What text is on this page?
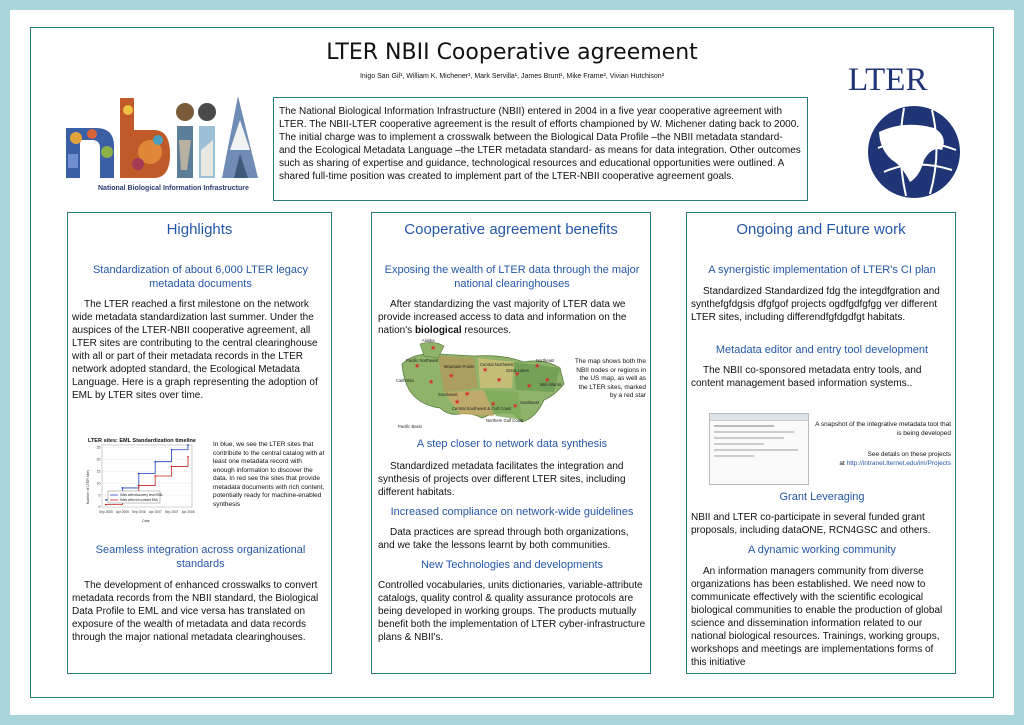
LTER NBII Cooperative agreement
Inigo San Gil¹, William K. Michener¹, Mark Servilla¹, James Brunt¹, Mike Frame², Vivian Hutchison²
National Biological Information Infrastructure
LTER
The National Biological Information Infrastructure (NBII) entered in 2004 in a five year cooperative agreement with LTER. The NBII-LTER cooperative agreement is the result of efforts championed by W. Michener dating back to 2000. The initial charge was to implement a crosswalk between the Biological Data Profile –the NBII metadata standard- and the Ecological Metadata Language –the LTER metadata standard- as means for data integration. Other outcomes such as sharing of expertise and guidance, technological resources and educational opportunities were outlined. A shared full-time position was created to implement part of the LTER-NBII cooperative agreement goals.
Highlights
Standardization of about 6,000 LTER legacy metadata documents
The LTER reached a first milestone on the network wide metadata standardization last summer. Under the auspices of the LTER-NBII cooperative agreement, all LTER sites are contributing to the central clearinghouse with all or part of their metadata records in the LTER network adopted standard, the Ecological Metadata Language. Here is a graph representing the adoption of EML by LTER sites over time.
LTER sites: EML Standardization timeline
0
5
10
15
20
25
Sep 2005 Apr 2006 Sep 2006 Apr 2007 Sep 2007 Apr 2008
Date
Number of LTER sites	Sites with discovery level EML
Sites with rich content EML
In blue, we see the LTER sites that contribute to the central catalog with at least one metadata record with enough information to discover the data. In red see the sites that provide metadata documents with rich content, potentially ready for machine-enabled synthesis
Seamless integration across organizational standards
The development of enhanced crosswalks to convert metadata records from the NBII standard, the Biological Data Profile to EML and vice versa has translated on exposure of the wealth of metadata and data records through the major national metadata clearinghouses.
Cooperative agreement benefits
Exposing the wealth of LTER data through the major national clearinghouses
After standardizing the vast majority of LTER data we provide increased access to data and information on the nation's biological resources.
★
★
★
★
★
★
★
★
★
★ ★
★
★
★
Pacific Northwest
Mountain Prairie Central Northwest
California
Pacific Basin
Northeast
Southeast
Central Southwest & Gulf Coast
Great Lakes
Mid-Atlantic
Southwest
Alaska
Northern Gulf Coast
The map shows both the NBII nodes or regions in the US map, as well as the LTER sites, marked by a red star
A step closer to network data synthesis
Standardized metadata facilitates the integration and synthesis of projects over different LTER sites, including different habitats.
Increased compliance on network-wide guidelines
Data practices are spread through both organizations, and we take the lessons learnt by both communities.
New Technologies and developments
Controlled vocabularies, units dictionaries, variable-attribute catalogs, quality control & quality assurance protocols are being developed in working groups. The products mutually benefit both the implementation of LTER cyber-infrastructure plans & NBII's.
Ongoing and Future work
A synergistic implementation of LTER's CI plan
Standardized Standardized fdg the integdfgration and synthefgfdgsis dfgfgof projects ogdfgdfgfgg ver different LTER sites, including differendfgfdgdfgt habitats.
Metadata editor and entry tool development
The NBII co-sponsored metadata entry tools, and content management based information systems..
A snapshot of the integrative metadata tool that is being developed
See details on these projects
at http://intranet.lternet.edu/im/Projects
Grant Leveraging
NBII and LTER co-participate in several funded grant proposals, including dataONE, RCN4GSC and others.
A dynamic working community
An information managers community from diverse organizations has been established. We need now to communicate effectively with the scientific ecological biological communities to enable the production of global science and dissemination information related to our national biological resources. Trainings, working groups, workshops and meetings are implementations forms of this initiative
